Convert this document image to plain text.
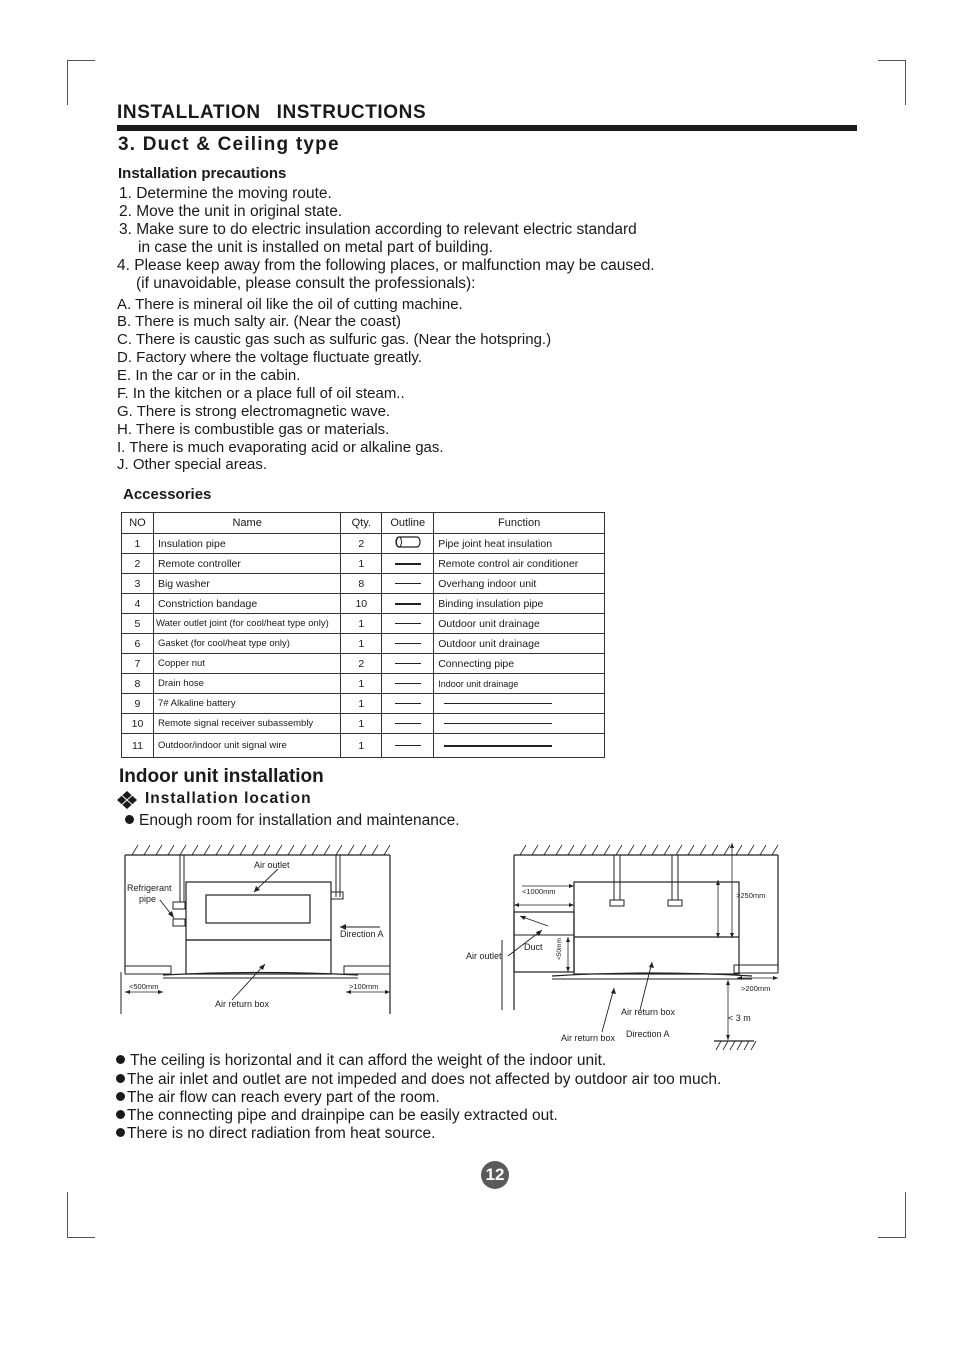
INSTALLATION INSTRUCTIONS
3. Duct & Ceiling type
Installation precautions
1. Determine the moving route.
2. Move the unit in original state.
3. Make sure to do electric insulation according to relevant electric standard
in case the unit is installed on metal part of building.
4. Please keep away from the following places, or malfunction may be caused.
(if unavoidable, please consult the professionals):
A. There is mineral oil like the oil of cutting machine.
B. There is much salty air. (Near the coast)
C. There is caustic gas such as sulfuric gas. (Near the hotspring.)
D. Factory where the voltage fluctuate greatly.
E. In the car or in the cabin.
F. In the kitchen or a place full of oil steam..
G. There is strong electromagnetic wave.
H. There is combustible gas or materials.
I. There is much evaporating acid or alkaline gas.
J. Other special areas.
Accessories
NO	Name	Qty.	Outline	Function
1	Insulation pipe	2		Pipe joint heat insulation
2	Remote controller	1		Remote control air conditioner
3	Big washer	8		Overhang indoor unit
4	Constriction bandage	10		Binding insulation pipe
5	Water outlet joint (for cool/heat type only)	1		Outdoor unit drainage
6	Gasket (for cool/heat type only)	1		Outdoor unit drainage
7	Copper nut	2		Connecting pipe
8	Drain hose	1		Indoor unit drainage
9	7# Alkaline battery	1		
10	Remote signal receiver subassembly	1		
11	Outdoor/indoor unit signal wire	1		
Indoor unit installation
Installation location
Enough room for installation and maintenance.
Air outlet
Refrigerant
pipe
Direction A
<500mm	>100mm
Air return box
<1000mm	>250mm
Air outlet
Duct <50mm
>200mm
< 3 m
Air return box
Air return box Direction A
The ceiling is horizontal and it can afford the weight of the indoor unit.
The air inlet and outlet are not impeded and does not affected by outdoor air too much.
The air flow can reach every part of the room.
The connecting pipe and drainpipe can be easily extracted out.
There is no direct radiation from heat source.
12
